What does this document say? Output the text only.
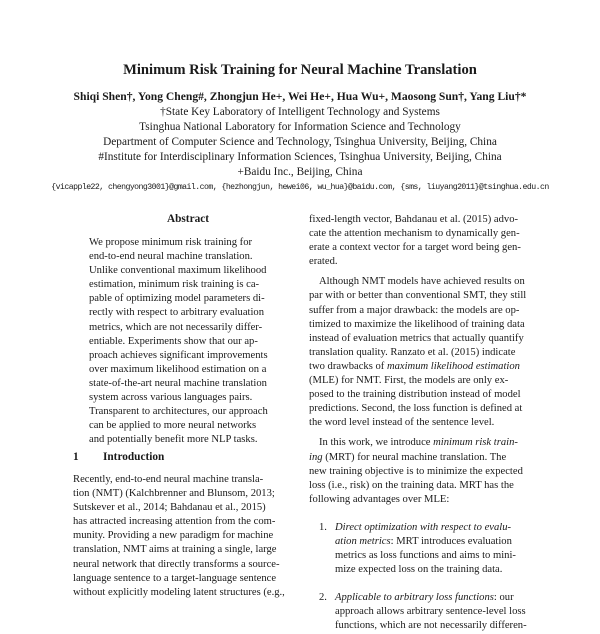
Minimum Risk Training for Neural Machine Translation
Shiqi Shen†, Yong Cheng#, Zhongjun He+, Wei He+, Hua Wu+, Maosong Sun†, Yang Liu†*
†State Key Laboratory of Intelligent Technology and Systems
Tsinghua National Laboratory for Information Science and Technology
Department of Computer Science and Technology, Tsinghua University, Beijing, China
#Institute for Interdisciplinary Information Sciences, Tsinghua University, Beijing, China
+Baidu Inc., Beijing, China
{vicapple22, chengyong3001}@gmail.com, {hezhongjun, hewei06, wu_hua}@baidu.com, {sms, liuyang2011}@tsinghua.edu.cn
Abstract

We propose minimum risk training for

end-to-end neural machine translation.

Unlike conventional maximum likelihood

estimation, minimum risk training is ca-

pable of optimizing model parameters di-

rectly with respect to arbitrary evaluation

metrics, which are not necessarily differ-

entiable. Experiments show that our ap-

proach achieves significant improvements

over maximum likelihood estimation on a

state-of-the-art neural machine translation

system across various languages pairs.

Transparent to architectures, our approach

can be applied to more neural networks

and potentially benefit more NLP tasks.

1 Introduction

Recently, end-to-end neural machine transla-

tion (NMT) (Kalchbrenner and Blunsom, 2013;

Sutskever et al., 2014; Bahdanau et al., 2015)

has attracted increasing attention from the com-

munity. Providing a new paradigm for machine

translation, NMT aims at training a single, large

neural network that directly transforms a source-

language sentence to a target-language sentence

without explicitly modeling latent structures (e.g.,

fixed-length vector, Bahdanau et al. (2015) advo-

cate the attention mechanism to dynamically gen-

erate a context vector for a target word being gen-

erated.

Although NMT models have achieved results on

par with or better than conventional SMT, they still

suffer from a major drawback: the models are op-

timized to maximize the likelihood of training data

instead of evaluation metrics that actually quantify

translation quality. Ranzato et al. (2015) indicate

two drawbacks of maximum likelihood estimation

(MLE) for NMT. First, the models are only ex-

posed to the training distribution instead of model

predictions. Second, the loss function is defined at

the word level instead of the sentence level.

In this work, we introduce minimum risk train-

ing (MRT) for neural machine translation. The

new training objective is to minimize the expected

loss (i.e., risk) on the training data. MRT has the

following advantages over MLE:

1. Direct optimization with respect to evalu-

ation metrics: MRT introduces evaluation

metrics as loss functions and aims to mini-

mize expected loss on the training data.

2. Applicable to arbitrary loss functions: our

approach allows arbitrary sentence-level loss

functions, which are not necessarily differen-
